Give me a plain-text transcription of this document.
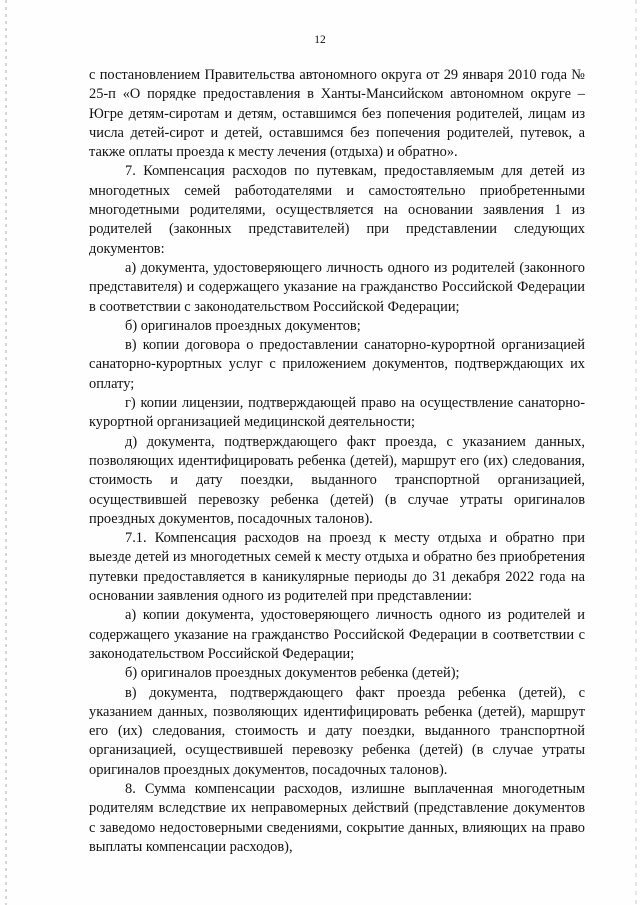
12

с постановлением Правительства автономного округа от 29 января 2010 года № 25-п «О порядке предоставления в Ханты-Мансийском автономном округе – Югре детям-сиротам и детям, оставшимся без попечения родителей, лицам из числа детей-сирот и детей, оставшимся без попечения родителей, путевок, а также оплаты проезда к месту лечения (отдыха) и обратно».

7. Компенсация расходов по путевкам, предоставляемым для детей из многодетных семей работодателями и самостоятельно приобретенными многодетными родителями, осуществляется на основании заявления 1 из родителей (законных представителей) при представлении следующих документов:

а) документа, удостоверяющего личность одного из родителей (законного представителя) и содержащего указание на гражданство Российской Федерации в соответствии с законодательством Российской Федерации;

б) оригиналов проездных документов;

в) копии договора о предоставлении санаторно-курортной организацией санаторно-курортных услуг с приложением документов, подтверждающих их оплату;

г) копии лицензии, подтверждающей право на осуществление санаторно-курортной организацией медицинской деятельности;

д) документа, подтверждающего факт проезда, с указанием данных, позволяющих идентифицировать ребенка (детей), маршрут его (их) следования, стоимость и дату поездки, выданного транспортной организацией, осуществившей перевозку ребенка (детей) (в случае утраты оригиналов проездных документов, посадочных талонов).

7.1. Компенсация расходов на проезд к месту отдыха и обратно при выезде детей из многодетных семей к месту отдыха и обратно без приобретения путевки предоставляется в каникулярные периоды до 31 декабря 2022 года на основании заявления одного из родителей при представлении:

а) копии документа, удостоверяющего личность одного из родителей и содержащего указание на гражданство Российской Федерации в соответствии с законодательством Российской Федерации;

б) оригиналов проездных документов ребенка (детей);

в) документа, подтверждающего факт проезда ребенка (детей), с указанием данных, позволяющих идентифицировать ребенка (детей), маршрут его (их) следования, стоимость и дату поездки, выданного транспортной организацией, осуществившей перевозку ребенка (детей) (в случае утраты оригиналов проездных документов, посадочных талонов).

8. Сумма компенсации расходов, излишне выплаченная многодетным родителям вследствие их неправомерных действий (представление документов с заведомо недостоверными сведениями, сокрытие данных, влияющих на право выплаты компенсации расходов),
